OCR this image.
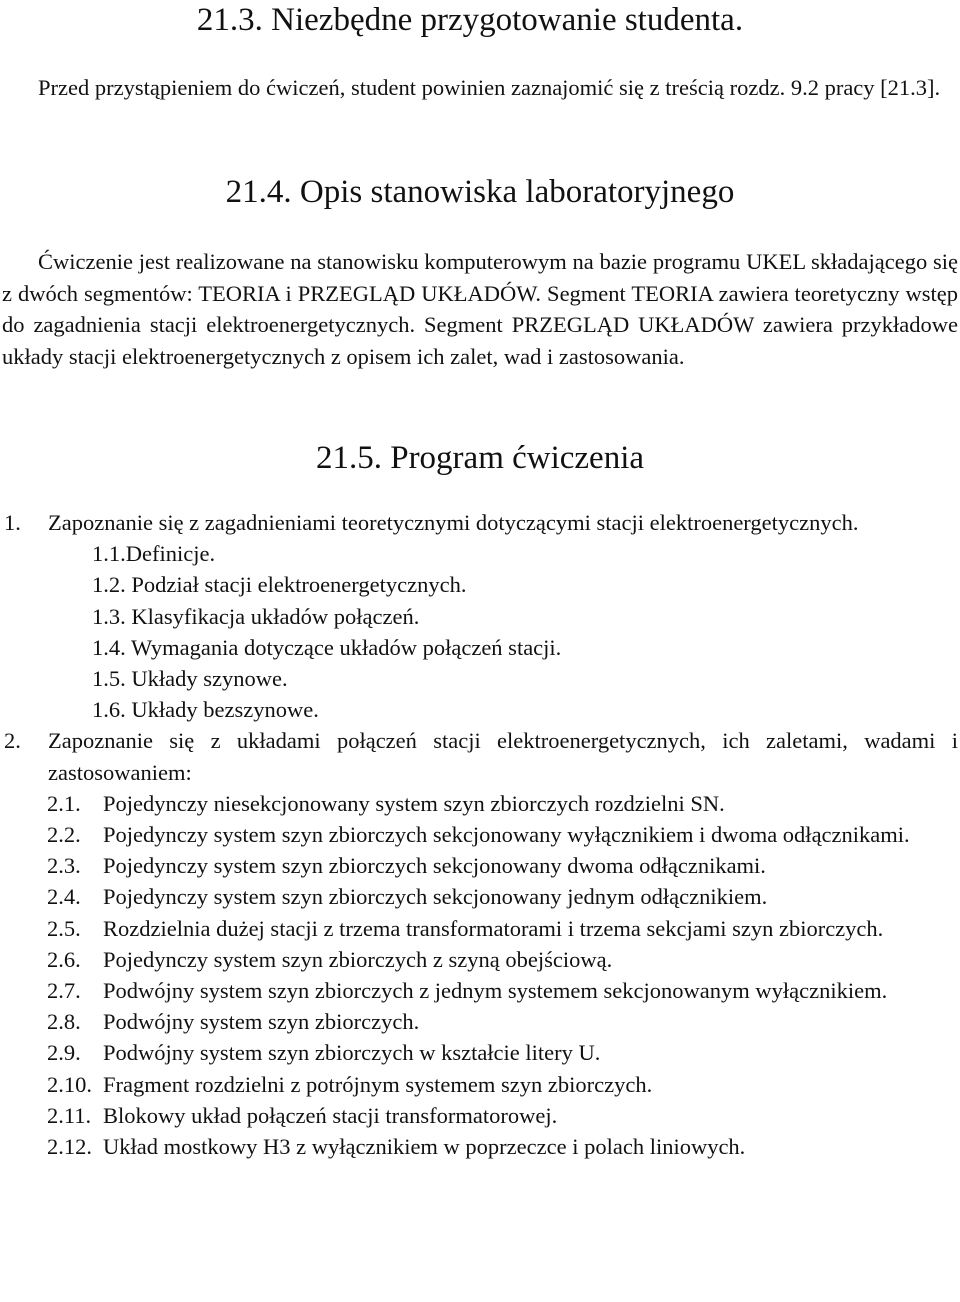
21.3. Niezbędne przygotowanie studenta.
Przed przystąpieniem do ćwiczeń, student powinien zaznajomić się z treścią rozdz. 9.2 pracy [21.3].
21.4. Opis stanowiska laboratoryjnego
Ćwiczenie jest realizowane na stanowisku komputerowym na bazie programu UKEL składającego się z dwóch segmentów: TEORIA i PRZEGLĄD UKŁADÓW. Segment TEORIA zawiera teoretyczny wstęp do zagadnienia stacji elektroenergetycznych. Segment PRZEGLĄD UKŁADÓW zawiera przykładowe układy stacji elektroenergetycznych z opisem ich zalet, wad i zastosowania.
21.5. Program ćwiczenia
1.	Zapoznanie się z zagadnieniami teoretycznymi dotyczącymi stacji elektroenergetycznych.
1.1.Definicje.
1.2. Podział stacji elektroenergetycznych.
1.3. Klasyfikacja układów połączeń.
1.4. Wymagania dotyczące układów połączeń stacji.
1.5. Układy szynowe.
1.6. Układy bezszynowe.
2.	Zapoznanie się z układami połączeń stacji elektroenergetycznych, ich zaletami, wadami i zastosowaniem:
2.1. Pojedynczy niesekcjonowany system szyn zbiorczych rozdzielni SN.
2.2. Pojedynczy system szyn zbiorczych sekcjonowany wyłącznikiem i dwoma odłącznikami.
2.3. Pojedynczy system szyn zbiorczych sekcjonowany dwoma odłącznikami.
2.4. Pojedynczy system szyn zbiorczych sekcjonowany jednym odłącznikiem.
2.5. Rozdzielnia dużej stacji z trzema transformatorami i trzema sekcjami szyn zbiorczych.
2.6. Pojedynczy system szyn zbiorczych z szyną obejściową.
2.7. Podwójny system szyn zbiorczych z jednym systemem sekcjonowanym wyłącznikiem.
2.8. Podwójny system szyn zbiorczych.
2.9. Podwójny system szyn zbiorczych w kształcie litery U.
2.10. Fragment rozdzielni z potrójnym systemem szyn zbiorczych.
2.11. Blokowy układ połączeń stacji transformatorowej.
2.12. Układ mostkowy H3 z wyłącznikiem w poprzeczce i polach liniowych.
